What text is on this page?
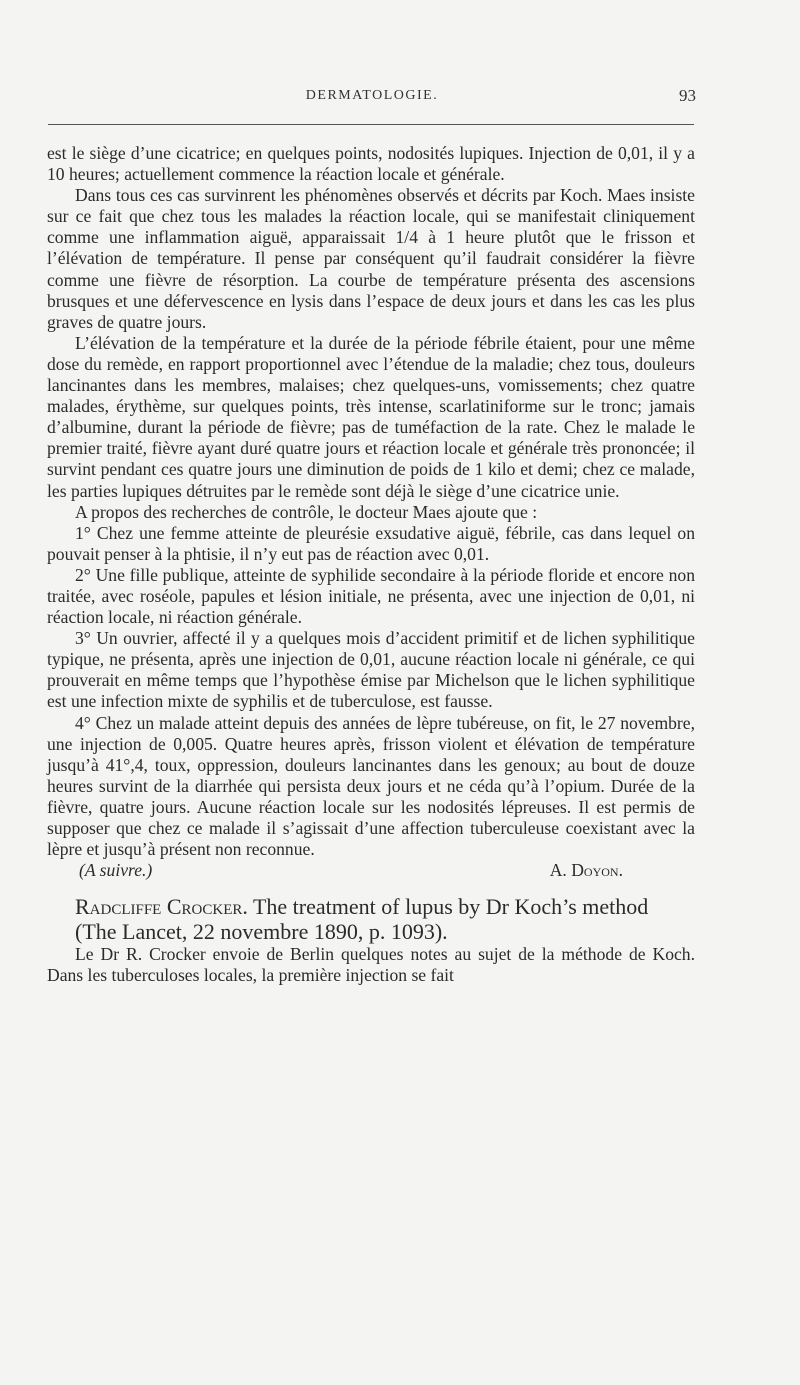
DERMATOLOGIE.	93

est le siège d’une cicatrice; en quelques points, nodosités lupiques. Injection de 0,01, il y a 10 heures; actuellement commence la réaction locale et générale.

Dans tous ces cas survinrent les phénomènes observés et décrits par Koch. Maes insiste sur ce fait que chez tous les malades la réaction locale, qui se manifestait cliniquement comme une inflammation aiguë, apparaissait 1/4 à 1 heure plutôt que le frisson et l’élévation de température. Il pense par conséquent qu’il faudrait considérer la fièvre comme une fièvre de résorption. La courbe de température présenta des ascensions brusques et une défervescence en lysis dans l’espace de deux jours et dans les cas les plus graves de quatre jours.

L’élévation de la température et la durée de la période fébrile étaient, pour une même dose du remède, en rapport proportionnel avec l’étendue de la maladie; chez tous, douleurs lancinantes dans les membres, malaises; chez quelques-uns, vomissements; chez quatre malades, érythème, sur quelques points, très intense, scarlatiniforme sur le tronc; jamais d’albumine, durant la période de fièvre; pas de tuméfaction de la rate. Chez le malade le premier traité, fièvre ayant duré quatre jours et réaction locale et générale très prononcée; il survint pendant ces quatre jours une diminution de poids de 1 kilo et demi; chez ce malade, les parties lupiques détruites par le remède sont déjà le siège d’une cicatrice unie.

A propos des recherches de contrôle, le docteur Maes ajoute que :

1° Chez une femme atteinte de pleurésie exsudative aiguë, fébrile, cas dans lequel on pouvait penser à la phtisie, il n’y eut pas de réaction avec 0,01.

2° Une fille publique, atteinte de syphilide secondaire à la période floride et encore non traitée, avec roséole, papules et lésion initiale, ne présenta, avec une injection de 0,01, ni réaction locale, ni réaction générale.

3° Un ouvrier, affecté il y a quelques mois d’accident primitif et de lichen syphilitique typique, ne présenta, après une injection de 0,01, aucune réaction locale ni générale, ce qui prouverait en même temps que l’hypothèse émise par Michelson que le lichen syphilitique est une infection mixte de syphilis et de tuberculose, est fausse.

4° Chez un malade atteint depuis des années de lèpre tubéreuse, on fit, le 27 novembre, une injection de 0,005. Quatre heures après, frisson violent et élévation de température jusqu’à 41°,4, toux, oppression, douleurs lancinantes dans les genoux; au bout de douze heures survint de la diarrhée qui persista deux jours et ne céda qu’à l’opium. Durée de la fièvre, quatre jours. Aucune réaction locale sur les nodosités lépreuses. Il est permis de supposer que chez ce malade il s’agissait d’une affection tuberculeuse coexistant avec la lèpre et jusqu’à présent non reconnue.

(A suivre.)	A. Doyon.

Radcliffe Crocker. The treatment of lupus by Dr Koch’s method
(The Lancet, 22 novembre 1890, p. 1093).

Le Dr R. Crocker envoie de Berlin quelques notes au sujet de la méthode de Koch. Dans les tuberculoses locales, la première injection se fait
